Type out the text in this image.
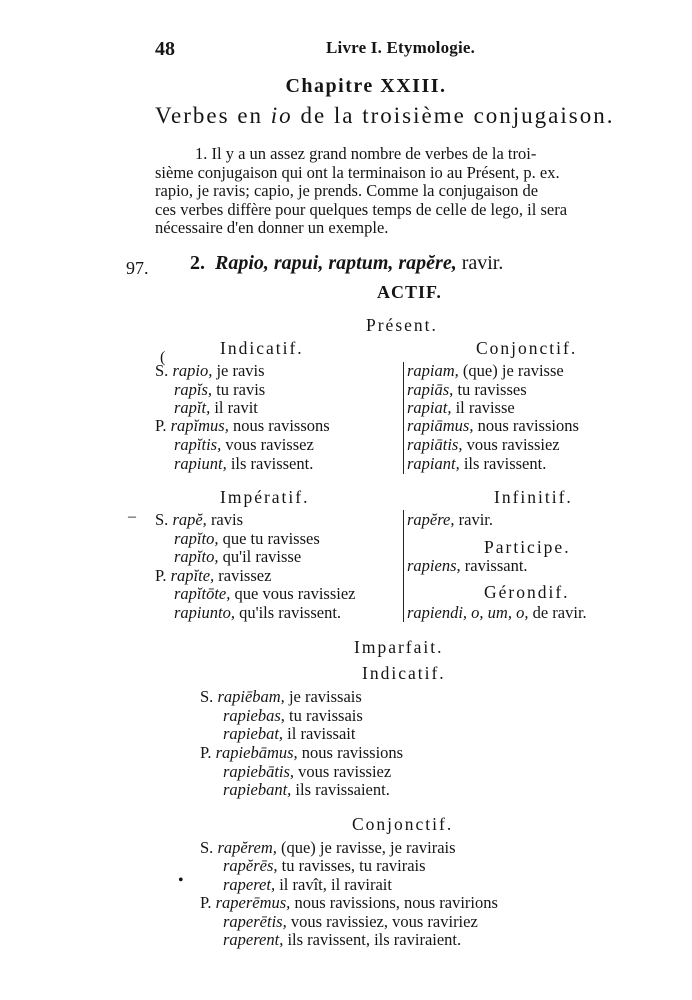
48	Livre I. Etymologie.
Chapitre XXIII.
Verbes en io de la troisième conjugaison.
1. Il y a un assez grand nombre de verbes de la troi-
sième conjugaison qui ont la terminaison io au Présent, p. ex.
rapio, je ravis; capio, je prends. Comme la conjugaison de
ces verbes diffère pour quelques temps de celle de lego, il sera
nécessaire d'en donner un exemple.
97. 2. Rapio, rapui, raptum, rapĕre, ravir.
ACTIF.
Présent.
Indicatif.
(
S. rapio, je ravis
rapĭs, tu ravis
rapĭt, il ravit
P. rapĭmus, nous ravissons
rapĭtis, vous ravissez
rapiunt, ils ravissent.
Conjonctif.
rapiam, (que) je ravisse
rapiās, tu ravisses
rapiat, il ravisse
rapiāmus, nous ravissions
rapiātis, vous ravissiez
rapiant, ils ravissent.
Impératif.
– S. rapĕ, ravis
rapĭto, que tu ravisses
rapĭto, qu'il ravisse
P. rapĭte, ravissez
rapĭtōte, que vous ravissiez
rapiunto, qu'ils ravissent.
Infinitif.
rapĕre, ravir.
Participe.
rapiens, ravissant.
Gérondif.
rapiendi, o, um, o, de ravir.
Imparfait.
Indicatif.
S. rapiēbam, je ravissais
rapiebas, tu ravissais
rapiebat, il ravissait
P. rapiebāmus, nous ravissions
rapiebātis, vous ravissiez
rapiebant, ils ravissaient.
Conjonctif.
S. rapĕrem, (que) je ravisse, je ravirais
rapĕrēs, tu ravisses, tu ravirais
• raperet, il ravît, il ravirait
P. raperēmus, nous ravissions, nous ravirions
raperētis, vous ravissiez, vous raviriez
raperent, ils ravissent, ils raviraient.
